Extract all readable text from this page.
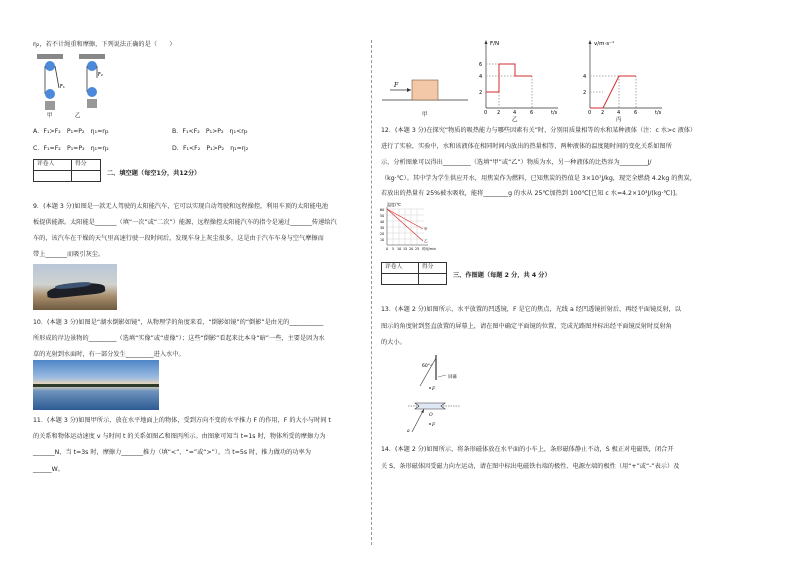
η₂，若不计绳重和摩擦，下列说法正确的是（　　）
F₁
F₂
甲	乙
A．F₁>F₂　P₁=P₂　η₁=η₂	B．F₁<F₂　P₁>P₂　η₁<η₂
C．F₁=F₂　P₁=P₂　η₁=η₂	D．F₁<F₂　P₁>P₂　η₁=η₂
评卷人	得分

二、填空题（每空1分，共12分）
9．(本题 3 分)如图是一款无人驾驶的太阳能汽车，它可以实现自动驾驶和远程操控，利用车顶的太阳能电池
板提供能源。太阳能是_______（填“一次”或“二次”）能源，远程操控太阳能汽车的指令是通过_______传递给汽
车的，该汽车在干燥的天气里高速行驶一段时间后，发现车身上灰尘很多，这是由于汽车车身与空气摩擦而
带上_______而吸引灰尘。
10．(本题 3 分)如图是“湖水倒影如镜”，从物理学的角度来看，“倒影如镜”的“倒影”是由光的___________
所形成的岸边景物的_________（选填“实像”或“虚像”）；这些“倒影”看起来比本身“暗”一些，主要是因为水
草的光射到水面时，有一部分发生_________进入水中。
11．(本题 3 分)如图甲所示，放在水平地面上的物体，受到方向不变的水平推力 F 的作用，F 的大小与时间 t
的关系和物体运动速度 v 与时间 t 的关系如图乙和图丙所示。由图象可知当 t=1s 时，物体所受的摩擦力为
_______N，当 t=3s 时，摩擦力_______推力（填“<”、“=”或“>”），当 t=5s 时，推力做功的功率为
______W。
F
甲
F/N
6
4
2
0 2	4	6	t/s
乙
v/m·s⁻¹
4
2
0 2	4	6	t/s
丙
12．(本题 3 分)在探究“物质的吸热能力与哪些因素有关”时，分别用质量相等的水和某种液体（注：c 水>c 液体）
进行了实验，实验中，水和该液体在相同时间内放出的热量相等，两种液体的温度随时间的变化关系如图所
示，分析图象可以得出_________（选填“甲”或“乙”）物质为水，另一种液体的比热容为_________J/
（kg·℃）。其中学为学生供应开水，用焦炭作为燃料，已知焦炭的热值是 3×10⁷J/kg，现完全燃烧 4.2kg 的焦炭，
若放出的热量有 25%被水吸收，能将________g 的水从 25℃加热到 100℃[已知 c 水=4.2×10³J/(kg·℃)]。
温度/℃
甲
乙
60
50
40
30
20
10
0 5 10 15 20 25 时间/min
评卷人	得分

三、作图题（每题 2 分，共 4 分）
13．(本题 2 分)如图所示，水平放置的凹透镜，F 是它的焦点，光线 a 经凹透镜折射后，再经平面镜反射，以
图示的角度射到竖直放置的屏幕上，请在图中确定平面镜的位置，完成光路图并标出经平面镜反射时反射角
的大小。
60°
屏幕
F
O
F
a
14．(本题 2 分)如图所示，将条形磁体放在水平面的小车上，条形磁体静止不动，S 极正对电磁铁，闭合开
关 S，条形磁体因受磁力向左运动，请在图中标出电磁铁右端的极性、电源左端的极性（用“+”或“-”表示）及
